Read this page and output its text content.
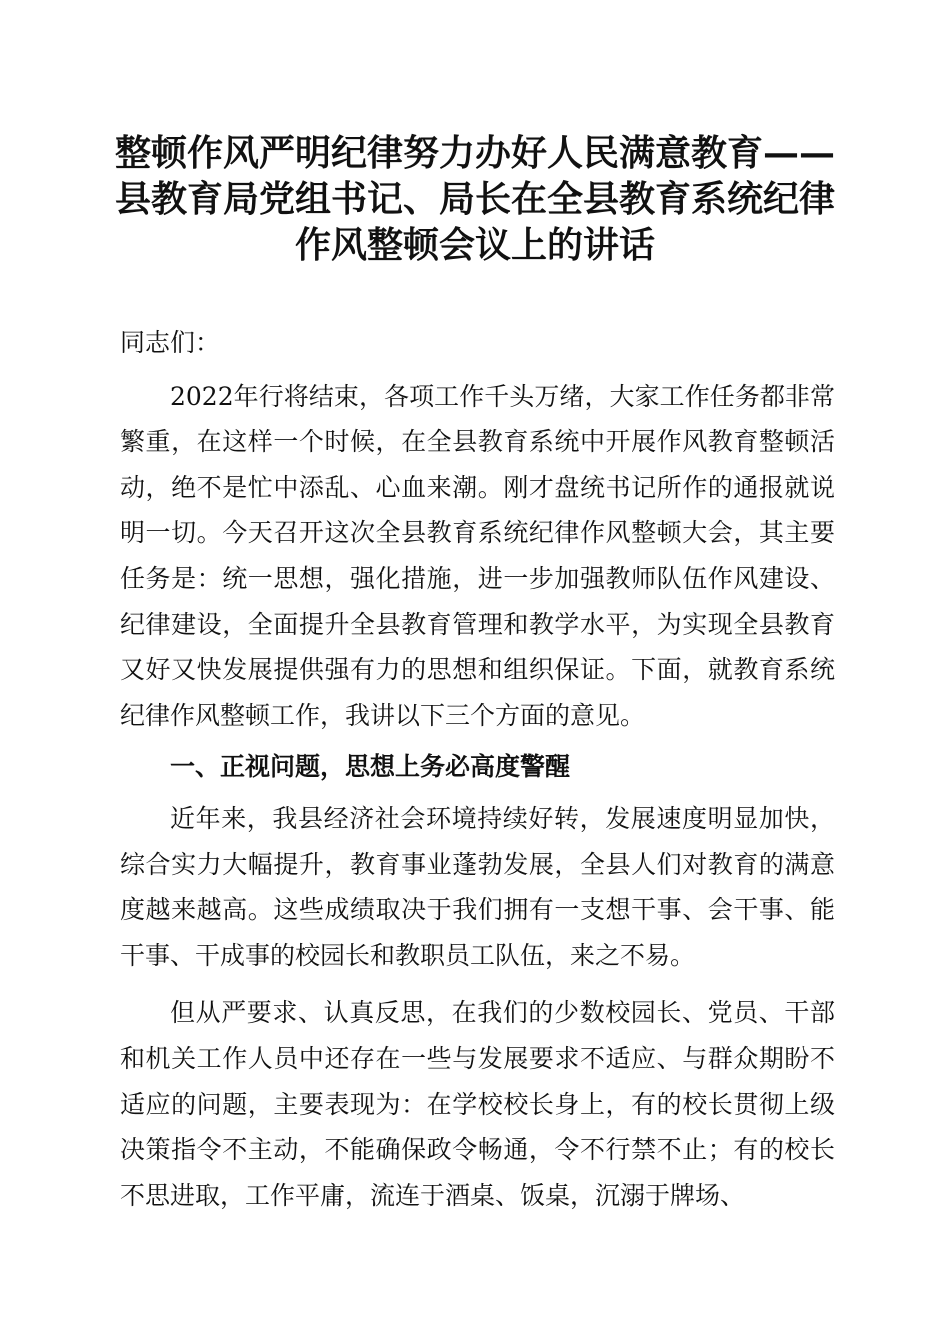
整顿作风严明纪律努力办好人民满意教育——
县教育局党组书记、局长在全县教育系统纪律
作风整顿会议上的讲话

同志们：

2022年行将结束，各项工作千头万绪，大家工作任务都非常繁重，在这样一个时候，在全县教育系统中开展作风教育整顿活动，绝不是忙中添乱、心血来潮。刚才盘统书记所作的通报就说明一切。今天召开这次全县教育系统纪律作风整顿大会，其主要任务是：统一思想，强化措施，进一步加强教师队伍作风建设、纪律建设，全面提升全县教育管理和教学水平，为实现全县教育又好又快发展提供强有力的思想和组织保证。下面，就教育系统纪律作风整顿工作，我讲以下三个方面的意见。

一、正视问题，思想上务必高度警醒

近年来，我县经济社会环境持续好转，发展速度明显加快，综合实力大幅提升，教育事业蓬勃发展，全县人们对教育的满意度越来越高。这些成绩取决于我们拥有一支想干事、会干事、能干事、干成事的校园长和教职员工队伍，来之不易。

但从严要求、认真反思，在我们的少数校园长、党员、干部和机关工作人员中还存在一些与发展要求不适应、与群众期盼不适应的问题，主要表现为：在学校校长身上，有的校长贯彻上级决策指令不主动，不能确保政令畅通，令不行禁不止；有的校长不思进取，工作平庸，流连于酒桌、饭桌，沉溺于牌场、
